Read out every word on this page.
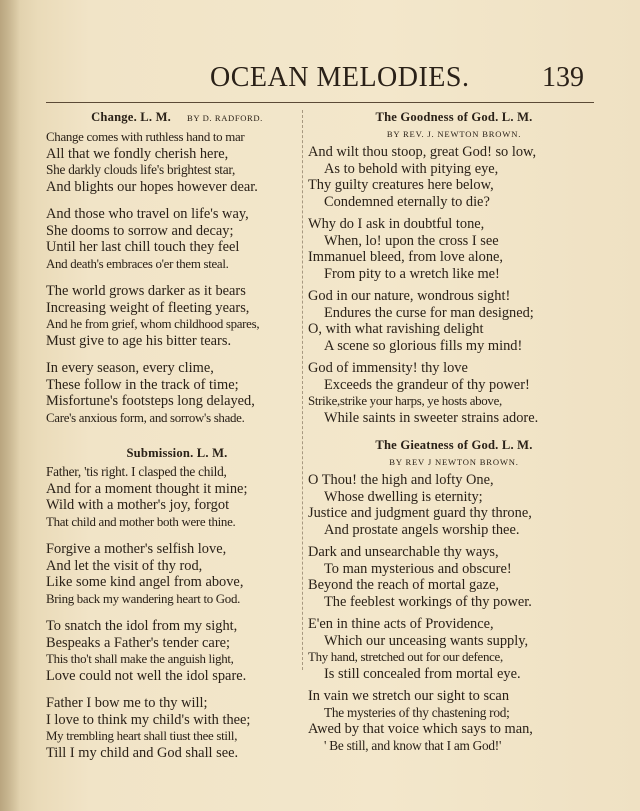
OCEAN MELODIES.	139
Change. L. M. BY D. RADFORD.
Change comes with ruthless hand to mar
All that we fondly cherish here,
She darkly clouds life's brightest star,
And blights our hopes however dear.
And those who travel on life's way,
She dooms to sorrow and decay;
Until her last chill touch they feel
And death's embraces o'er them steal.
The world grows darker as it bears
Increasing weight of fleeting years,
And he from grief, whom childhood spares,
Must give to age his bitter tears.
In every season, every clime,
These follow in the track of time;
Misfortune's footsteps long delayed,
Care's anxious form, and sorrow's shade.
Submission. L. M.
Father, 'tis right. I clasped the child,
And for a moment thought it mine;
Wild with a mother's joy, forgot
That child and mother both were thine.
Forgive a mother's selfish love,
And let the visit of thy rod,
Like some kind angel from above,
Bring back my wandering heart to God.
To snatch the idol from my sight,
Bespeaks a Father's tender care;
This tho't shall make the anguish light,
Love could not well the idol spare.
Father I bow me to thy will;
I love to think my child's with thee;
My trembling heart shall tiust thee still,
Till I my child and God shall see.
The Goodness of God. L. M.
BY REV. J. NEWTON BROWN.
And wilt thou stoop, great God! so low,
As to behold with pitying eye,
Thy guilty creatures here below,
Condemned eternally to die?
Why do I ask in doubtful tone,
When, lo! upon the cross I see
Immanuel bleed, from love alone,
From pity to a wretch like me!
God in our nature, wondrous sight!
Endures the curse for man designed;
O, with what ravishing delight
A scene so glorious fills my mind!
God of immensity! thy love
Exceeds the grandeur of thy power!
Strike,strike your harps, ye hosts above,
While saints in sweeter strains adore.
The Gieatness of God. L. M.
BY REV J NEWTON BROWN.
O Thou! the high and lofty One,
Whose dwelling is eternity;
Justice and judgment guard thy throne,
And prostate angels worship thee.
Dark and unsearchable thy ways,
To man mysterious and obscure!
Beyond the reach of mortal gaze,
The feeblest workings of thy power.
E'en in thine acts of Providence,
Which our unceasing wants supply,
Thy hand, stretched out for our defence,
Is still concealed from mortal eye.
In vain we stretch our sight to scan
The mysteries of thy chastening rod;
Awed by that voice which says to man,
' Be still, and know that I am God!'
